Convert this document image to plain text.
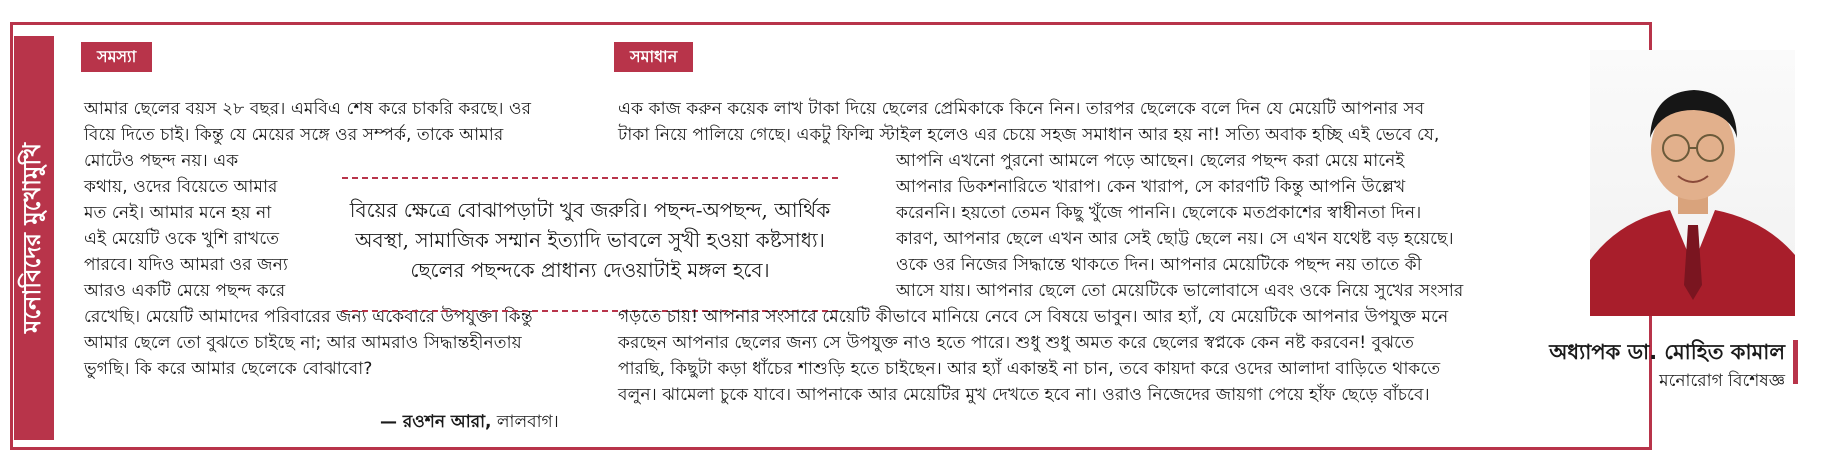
মনোবিদের মুখোমুখি
সমস্যা

আমার ছেলের বয়স ২৮ বছর। এমবিএ শেষ করে চাকরি করছে। ওর

বিয়ে দিতে চাই। কিন্তু যে মেয়ের সঙ্গে ওর সম্পর্ক, তাকে আমার

মোটেও পছন্দ নয়। এক

কথায়, ওদের বিয়েতে আমার

মত নেই। আমার মনে হয় না

এই মেয়েটি ওকে খুশি রাখতে

পারবে। যদিও আমরা ওর জন্য

আরও একটি মেয়ে পছন্দ করে

রেখেছি। মেয়েটি আমাদের পরিবারের জন্য একেবারে উপযুক্ত। কিন্তু

আমার ছেলে তো বুঝতে চাইছে না; আর আমরাও সিদ্ধান্তহীনতায়

ভুগছি। কি করে আমার ছেলেকে বোঝাবো?

— রওশন আরা, লালবাগ।
বিয়ের ক্ষেত্রে বোঝাপড়াটা খুব জরুরি। পছন্দ-অপছন্দ, আর্থিক
অবস্থা, সামাজিক সম্মান ইত্যাদি ভাবলে সুখী হওয়া কষ্টসাধ্য।
ছেলের পছন্দকে প্রাধান্য দেওয়াটাই মঙ্গল হবে।
সমাধান

এক কাজ করুন কয়েক লাখ টাকা দিয়ে ছেলের প্রেমিকাকে কিনে নিন। তারপর ছেলেকে বলে দিন যে মেয়েটি আপনার সব

টাকা নিয়ে পালিয়ে গেছে। একটু ফিল্মি স্টাইল হলেও এর চেয়ে সহজ সমাধান আর হয় না! সত্যি অবাক হচ্ছি এই ভেবে যে,

আপনি এখনো পুরনো আমলে পড়ে আছেন। ছেলের পছন্দ করা মেয়ে মানেই

আপনার ডিকশনারিতে খারাপ। কেন খারাপ, সে কারণটি কিন্তু আপনি উল্লেখ

করেননি। হয়তো তেমন কিছু খুঁজে পাননি। ছেলেকে মতপ্রকাশের স্বাধীনতা দিন।

কারণ, আপনার ছেলে এখন আর সেই ছোট্ট ছেলে নয়। সে এখন যথেষ্ট বড় হয়েছে।

ওকে ওর নিজের সিদ্ধান্তে থাকতে দিন। আপনার মেয়েটিকে পছন্দ নয় তাতে কী

আসে যায়। আপনার ছেলে তো মেয়েটিকে ভালোবাসে এবং ওকে নিয়ে সুখের সংসার

গড়তে চায়! আপনার সংসারে মেয়েটি কীভাবে মানিয়ে নেবে সে বিষয়ে ভাবুন। আর হ্যাঁ, যে মেয়েটিকে আপনার উপযুক্ত মনে

করছেন আপনার ছেলের জন্য সে উপযুক্ত নাও হতে পারে। শুধু শুধু অমত করে ছেলের স্বপ্নকে কেন নষ্ট করবেন! বুঝতে

পারছি, কিছুটা কড়া ধাঁচের শাশুড়ি হতে চাইছেন। আর হ্যাঁ একান্তই না চান, তবে কায়দা করে ওদের আলাদা বাড়িতে থাকতে

বলুন। ঝামেলা চুকে যাবে। আপনাকে আর মেয়েটির মুখ দেখতে হবে না। ওরাও নিজেদের জায়গা পেয়ে হাঁফ ছেড়ে বাঁচবে।

অধ্যাপক ডা. মোহিত কামাল
মনোরোগ বিশেষজ্ঞ
